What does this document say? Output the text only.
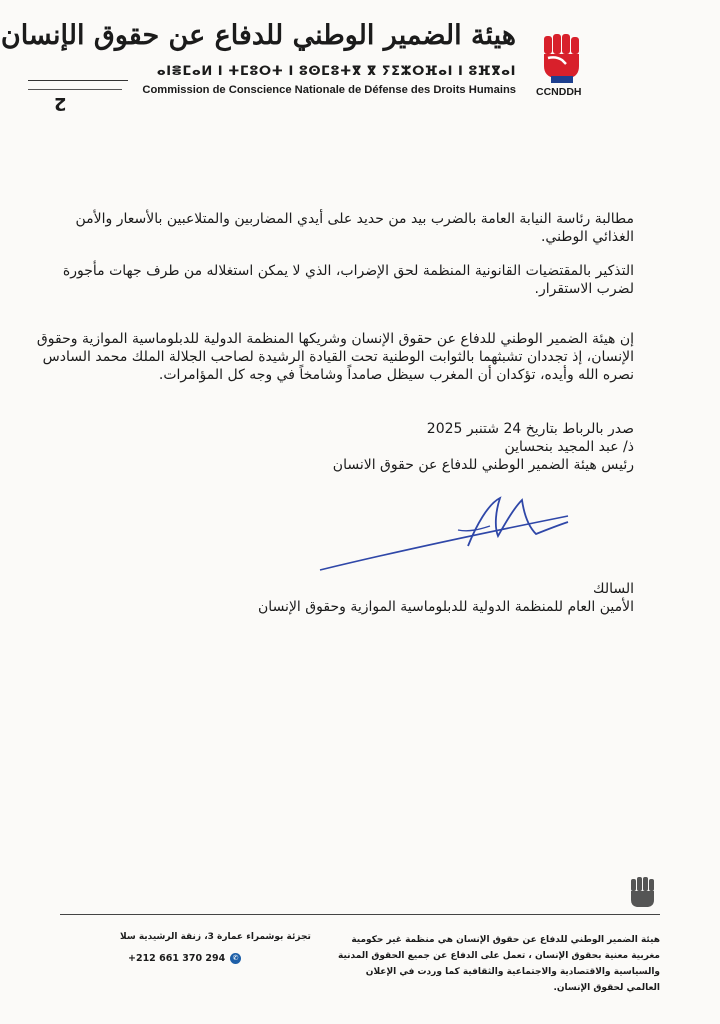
هيئة الضمير الوطني للدفاع عن حقوق الإنسان
ⴰⵏⴻⵎⴰⵍ ⵏ ⵜⵎⵓⵔⵜ ⵏ ⵓⵙⵎⵓⵜⴳ ⴳ ⵢⵉⵣⵔⴼⴰⵏ ⵏ ⵓⴼⴳⴰⵏ
Commission de Conscience Nationale de Défense des Droits Humains CCNDDH
2

مطالبة رئاسة النيابة العامة بالضرب بيد من حديد على أيدي المضاربين والمتلاعبين بالأسعار والأمن الغذائي الوطني.

التذكير بالمقتضيات القانونية المنظمة لحق الإضراب، الذي لا يمكن استغلاله من طرف جهات مأجورة لضرب الاستقرار.

إن هيئة الضمير الوطني للدفاع عن حقوق الإنسان وشريكها المنظمة الدولية للدبلوماسية الموازية وحقوق الإنسان، إذ تجددان تشبثهما بالثوابت الوطنية تحت القيادة الرشيدة لصاحب الجلالة الملك محمد السادس نصره الله وأيده، تؤكدان أن المغرب سيظل صامداً وشامخاً في وجه كل المؤامرات.

صدر بالرباط بتاريخ 24 شتنبر 2025
ذ/ عبد المجيد بنحساين
رئيس هيئة الضمير الوطني للدفاع عن حقوق الانسان
السالك
الأمين العام للمنظمة الدولية للدبلوماسية الموازية وحقوق الإنسان
تجزئة بوشمراء عمارة 3، زنقة الرشيدية سلا
+212 661 370 294	✆
هيئة الضمير الوطني للدفاع عن حقوق الإنسان هي منظمة غير حكومية مغربية معنية بحقوق الإنسان ، تعمل على الدفاع عن جميع الحقوق المدنية والسياسية والاقتصادية والاجتماعية والثقافية كما وردت في الإعلان العالمي لحقوق الإنسان.
